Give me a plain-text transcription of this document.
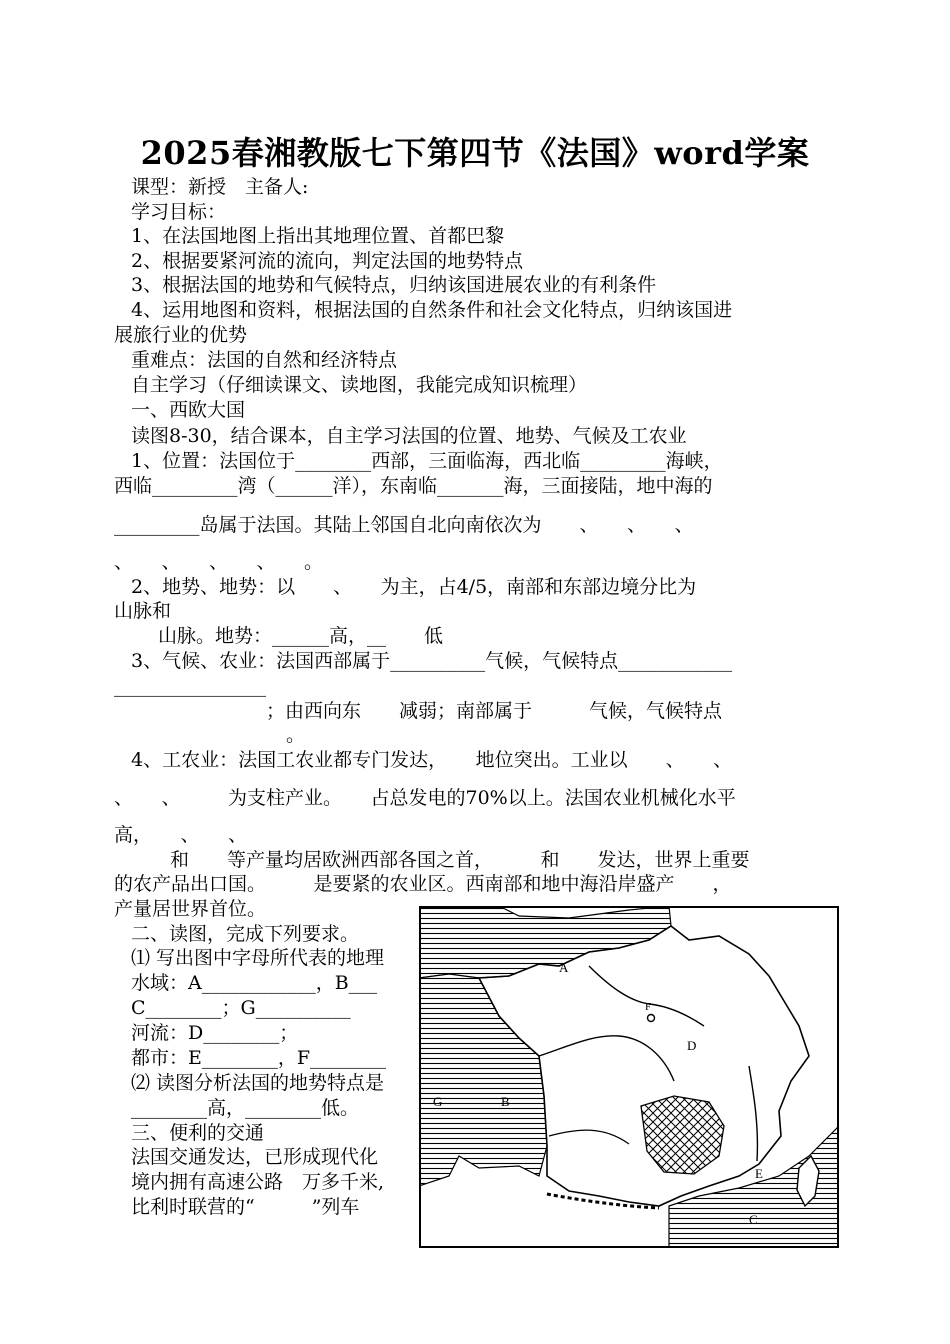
2025春湘教版七下第四节《法国》word学案
课型：新授　主备人:
学习目标：
1、在法国地图上指出其地理位置、首都巴黎
2、根据要紧河流的流向，判定法国的地势特点
3、根据法国的地势和气候特点，归纳该国进展农业的有利条件
4、运用地图和资料，根据法国的自然条件和社会文化特点，归纳该国进
展旅行业的优势
重难点：法国的自然和经济特点
自主学习（仔细读课文、读地图，我能完成知识梳理）
一、西欧大国
读图8-30，结合课本，自主学习法国的位置、地势、气候及工农业
1、位置：法国位于________西部，三面临海，西北临_________海峡，
西临_________湾（______洋），东南临_______海，三面接陆，地中海的
_________岛属于法国。其陆上邻国自北向南依次为　　、　　、　　、
、　　、　　、　　、　　。
2、地势、地势：以　　、　　为主，占4/5，南部和东部边境分比为
山脉和
山脉。地势：______高，__　　低
3、气候、农业：法国西部属于__________气候，气候特点____________
________________
；由西向东　　减弱；南部属于　　　气候，气候特点
。
4、工农业：法国工农业都专门发达，　　地位突出。工业以　　、　　、
、　　、　　　为支柱产业。　　占总发电的70%以上。法国农业机械化水平
高，　　、　　、
和　　等产量均居欧洲西部各国之首，　　　和　　发达，世界上重要
的农产品出口国。　　　是要紧的农业区。西南部和地中海沿岸盛产　　，
产量居世界首位。
二、读图，完成下列要求。
⑴ 写出图中字母所代表的地理
水域：A____________，B___
C________；G__________
河流：D________；
都市：E________，F________
⑵ 读图分析法国的地势特点是
________高，________低。
三、便利的交通
法国交通发达，已形成现代化
境内拥有高速公路　万多千米,
比利时联营的“　　　”列车
A
B
C
D
E
F
G
